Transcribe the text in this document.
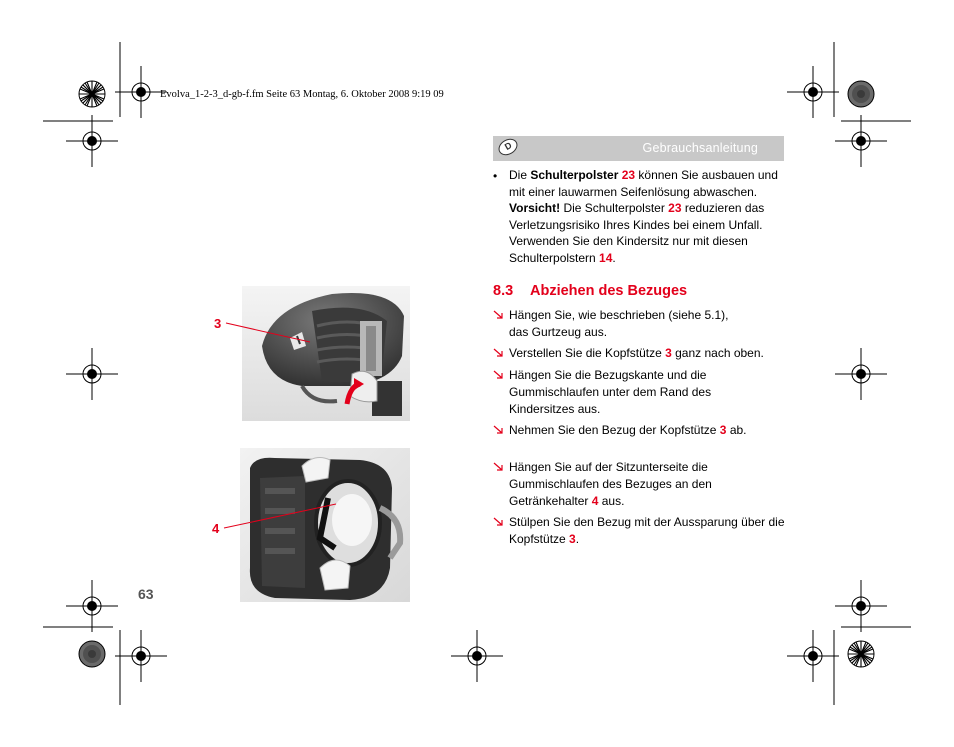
Evolva_1-2-3_d-gb-f.fm Seite 63 Montag, 6. Oktober 2008 9:19 09
D	Gebrauchsanleitung
• Die Schulterpolster 23 können Sie ausbauen und mit einer lauwarmen Seifenlösung abwaschen.
Vorsicht! Die Schulterpolster 23 reduzieren das Verletzungsrisiko Ihres Kindes bei einem Unfall. Verwenden Sie den Kindersitz nur mit diesen Schulterpolstern 14.
8.3 Abziehen des Bezuges
Hängen Sie, wie beschrieben (siehe 5.1), das Gurtzeug aus.
Verstellen Sie die Kopfstütze 3 ganz nach oben.
Hängen Sie die Bezugskante und die Gummischlaufen unter dem Rand des Kindersitzes aus.
Nehmen Sie den Bezug der Kopfstütze 3 ab.
Hängen Sie auf der Sitzunterseite die Gummischlaufen des Bezuges an den Getränkehalter 4 aus.
Stülpen Sie den Bezug mit der Aussparung über die Kopfstütze 3.
3
4
63
